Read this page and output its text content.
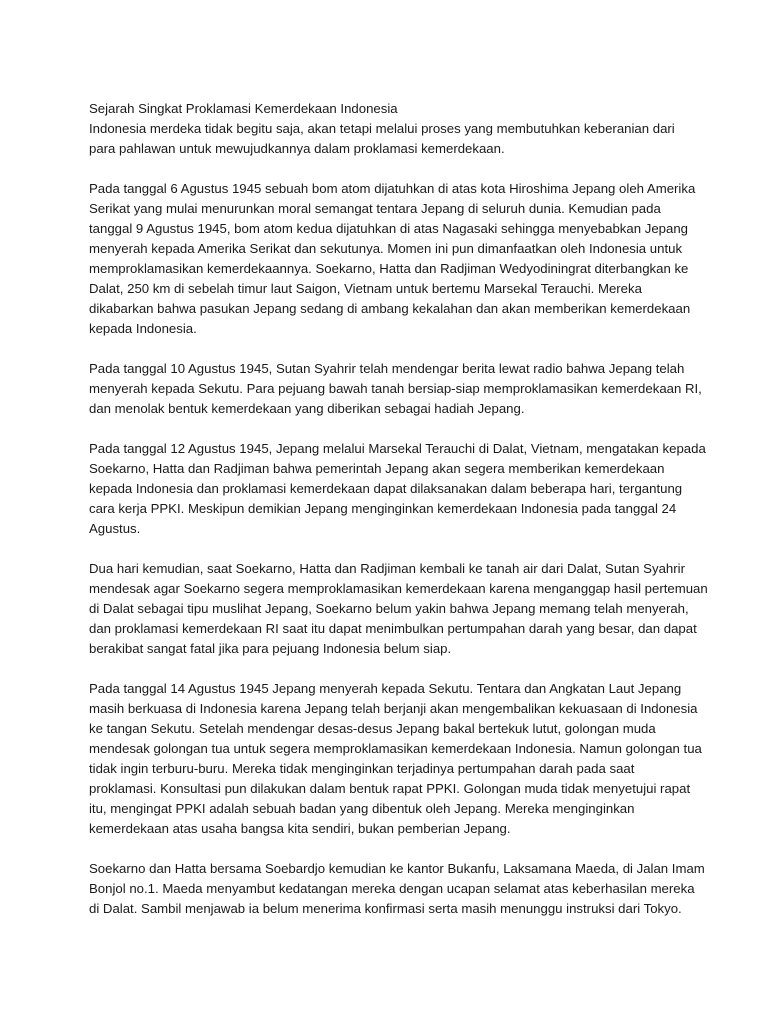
Sejarah Singkat Proklamasi Kemerdekaan Indonesia
Indonesia merdeka tidak begitu saja, akan tetapi melalui proses yang membutuhkan keberanian dari
para pahlawan untuk mewujudkannya dalam proklamasi kemerdekaan.
Pada tanggal 6 Agustus 1945 sebuah bom atom dijatuhkan di atas kota Hiroshima Jepang oleh Amerika
Serikat yang mulai menurunkan moral semangat tentara Jepang di seluruh dunia. Kemudian pada
tanggal 9 Agustus 1945, bom atom kedua dijatuhkan di atas Nagasaki sehingga menyebabkan Jepang
menyerah kepada Amerika Serikat dan sekutunya. Momen ini pun dimanfaatkan oleh Indonesia untuk
memproklamasikan kemerdekaannya. Soekarno, Hatta dan Radjiman Wedyodiningrat diterbangkan ke
Dalat, 250 km di sebelah timur laut Saigon, Vietnam untuk bertemu Marsekal Terauchi. Mereka
dikabarkan bahwa pasukan Jepang sedang di ambang kekalahan dan akan memberikan kemerdekaan
kepada Indonesia.
Pada tanggal 10 Agustus 1945, Sutan Syahrir telah mendengar berita lewat radio bahwa Jepang telah
menyerah kepada Sekutu. Para pejuang bawah tanah bersiap-siap memproklamasikan kemerdekaan RI,
dan menolak bentuk kemerdekaan yang diberikan sebagai hadiah Jepang.
Pada tanggal 12 Agustus 1945, Jepang melalui Marsekal Terauchi di Dalat, Vietnam, mengatakan kepada
Soekarno, Hatta dan Radjiman bahwa pemerintah Jepang akan segera memberikan kemerdekaan
kepada Indonesia dan proklamasi kemerdekaan dapat dilaksanakan dalam beberapa hari, tergantung
cara kerja PPKI. Meskipun demikian Jepang menginginkan kemerdekaan Indonesia pada tanggal 24
Agustus.
Dua hari kemudian, saat Soekarno, Hatta dan Radjiman kembali ke tanah air dari Dalat, Sutan Syahrir
mendesak agar Soekarno segera memproklamasikan kemerdekaan karena menganggap hasil pertemuan
di Dalat sebagai tipu muslihat Jepang, Soekarno belum yakin bahwa Jepang memang telah menyerah,
dan proklamasi kemerdekaan RI saat itu dapat menimbulkan pertumpahan darah yang besar, dan dapat
berakibat sangat fatal jika para pejuang Indonesia belum siap.
Pada tanggal 14 Agustus 1945 Jepang menyerah kepada Sekutu. Tentara dan Angkatan Laut Jepang
masih berkuasa di Indonesia karena Jepang telah berjanji akan mengembalikan kekuasaan di Indonesia
ke tangan Sekutu. Setelah mendengar desas-desus Jepang bakal bertekuk lutut, golongan muda
mendesak golongan tua untuk segera memproklamasikan kemerdekaan Indonesia. Namun golongan tua
tidak ingin terburu-buru. Mereka tidak menginginkan terjadinya pertumpahan darah pada saat
proklamasi. Konsultasi pun dilakukan dalam bentuk rapat PPKI. Golongan muda tidak menyetujui rapat
itu, mengingat PPKI adalah sebuah badan yang dibentuk oleh Jepang. Mereka menginginkan
kemerdekaan atas usaha bangsa kita sendiri, bukan pemberian Jepang.
Soekarno dan Hatta bersama Soebardjo kemudian ke kantor Bukanfu, Laksamana Maeda, di Jalan Imam
Bonjol no.1. Maeda menyambut kedatangan mereka dengan ucapan selamat atas keberhasilan mereka
di Dalat. Sambil menjawab ia belum menerima konfirmasi serta masih menunggu instruksi dari Tokyo.
